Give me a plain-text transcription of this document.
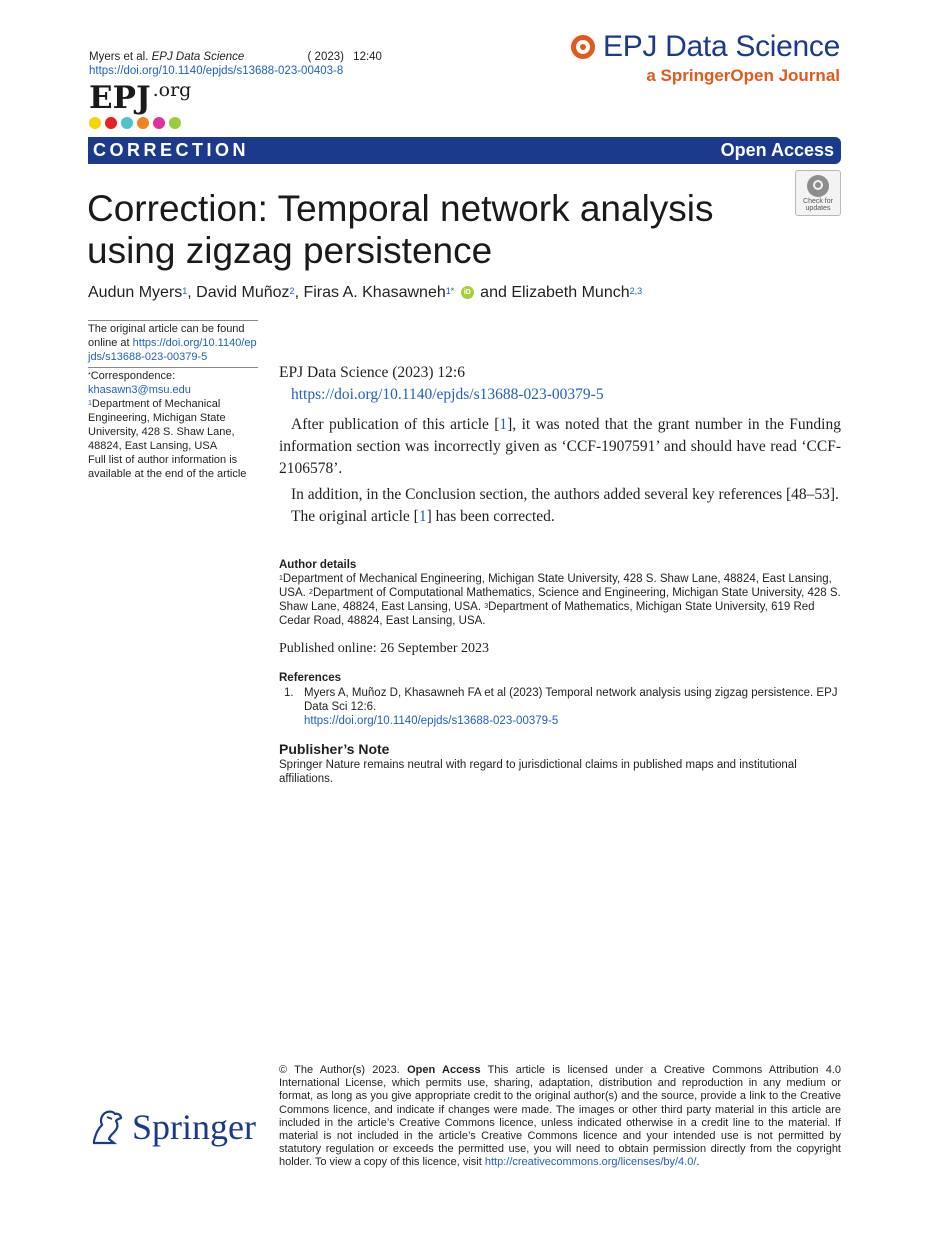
Myers et al. EPJ Data Science	( 2023) 12:40
https://doi.org/10.1140/epjds/s13688-023-00403-8
EPJ .org
EPJ Data Science
a SpringerOpen Journal
CORRECTION	Open Access
Correction: Temporal network analysis using zigzag persistence
Check for updates
Audun Myers$^1$, David Muñoz$^2$, Firas A. Khasawneh$^{1*}$ iD and Elizabeth Munch$^{2,3}$

The original article can be found online at https://doi.org/10.1140/epjds/s13688-023-00379-5

*Correspondence:

khasawn3@msu.edu

$^1$Department of Mechanical Engineering, Michigan State University, 428 S. Shaw Lane, 48824, East Lansing, USA

Full list of author information is available at the end of the article

EPJ Data Science (2023) 12:6

https://doi.org/10.1140/epjds/s13688-023-00379-5

After publication of this article [1], it was noted that the grant number in the Funding information section was incorrectly given as ‘CCF-1907591’ and should have read ‘CCF-2106578’.

In addition, in the Conclusion section, the authors added several key references [48–53].

The original article [1] has been corrected.

Author details
$^1$Department of Mechanical Engineering, Michigan State University, 428 S. Shaw Lane, 48824, East Lansing, USA. $^2$Department of Computational Mathematics, Science and Engineering, Michigan State University, 428 S. Shaw Lane, 48824, East Lansing, USA. $^3$Department of Mathematics, Michigan State University, 619 Red Cedar Road, 48824, East Lansing, USA.
Published online: 26 September 2023
References
1. Myers A, Muñoz D, Khasawneh FA et al (2023) Temporal network analysis using zigzag persistence. EPJ Data Sci 12:6.
https://doi.org/10.1140/epjds/s13688-023-00379-5
Publisher’s Note

Springer Nature remains neutral with regard to jurisdictional claims in published maps and institutional affiliations.

© The Author(s) 2023. Open Access This article is licensed under a Creative Commons Attribution 4.0 International License, which permits use, sharing, adaptation, distribution and reproduction in any medium or format, as long as you give appropriate credit to the original author(s) and the source, provide a link to the Creative Commons licence, and indicate if changes were made. The images or other third party material in this article are included in the article’s Creative Commons licence, unless indicated otherwise in a credit line to the material. If material is not included in the article’s Creative Commons licence and your intended use is not permitted by statutory regulation or exceeds the permitted use, you will need to obtain permission directly from the copyright holder. To view a copy of this licence, visit http://creativecommons.org/licenses/by/4.0/.
Springer
